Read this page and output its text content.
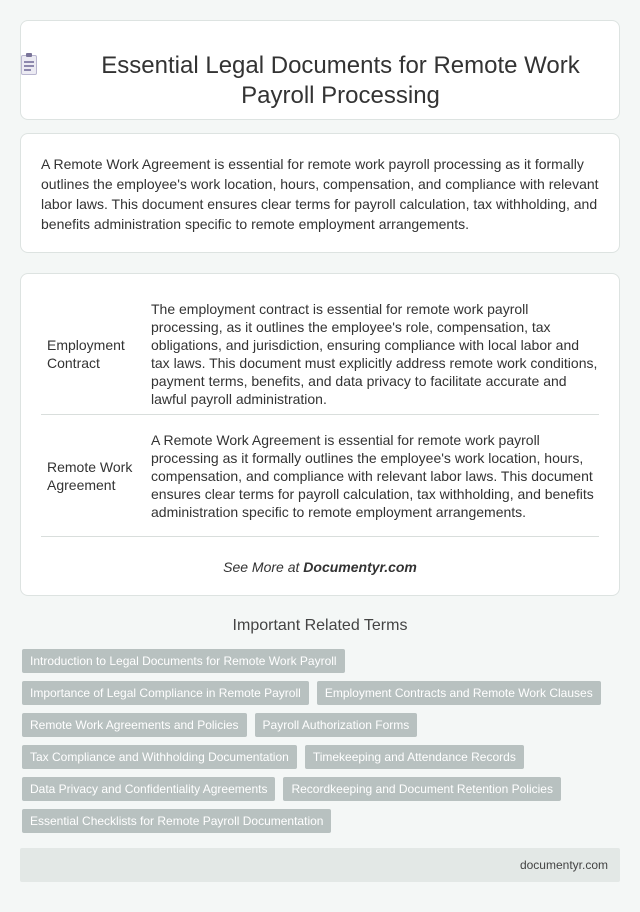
Essential Legal Documents for Remote Work Payroll Processing

A Remote Work Agreement is essential for remote work payroll processing as it formally outlines the employee's work location, hours, compensation, and compliance with relevant labor laws. This document ensures clear terms for payroll calculation, tax withholding, and benefits administration specific to remote employment arrangements.

Employment Contract	The employment contract is essential for remote work payroll processing, as it outlines the employee's role, compensation, tax obligations, and jurisdiction, ensuring compliance with local labor and tax laws. This document must explicitly address remote work conditions, payment terms, benefits, and data privacy to facilitate accurate and lawful payroll administration.
Remote Work Agreement	A Remote Work Agreement is essential for remote work payroll processing as it formally outlines the employee's work location, hours, compensation, and compliance with relevant labor laws. This document ensures clear terms for payroll calculation, tax withholding, and benefits administration specific to remote employment arrangements.
See More at Documentyr.com
Important Related Terms
Introduction to Legal Documents for Remote Work Payroll
Importance of Legal Compliance in Remote Payroll	Employment Contracts and Remote Work Clauses
Remote Work Agreements and Policies	Payroll Authorization Forms
Tax Compliance and Withholding Documentation	Timekeeping and Attendance Records
Data Privacy and Confidentiality Agreements	Recordkeeping and Document Retention Policies
Essential Checklists for Remote Payroll Documentation
documentyr.com
